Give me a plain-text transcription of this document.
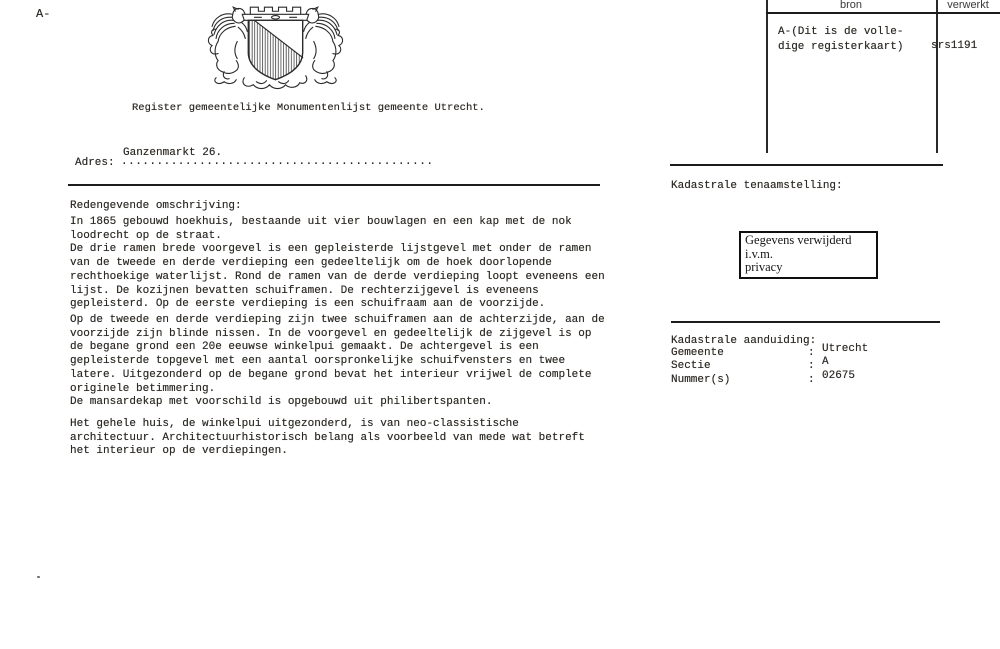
A-
Register gemeentelijke Monumentenlijst gemeente Utrecht.
Ganzenmarkt 26.
Adres: ............................................
Redengevende omschrijving:
In 1865 gebouwd hoekhuis, bestaande uit vier bouwlagen en een kap met de nok
loodrecht op de straat.
De drie ramen brede voorgevel is een gepleisterde lijstgevel met onder de ramen
van de tweede en derde verdieping een gedeeltelijk om de hoek doorlopende
rechthoekige waterlijst. Rond de ramen van de derde verdieping loopt eveneens een
lijst. De kozijnen bevatten schuiframen. De rechterzijgevel is eveneens
gepleisterd. Op de eerste verdieping is een schuifraam aan de voorzijde.
Op de tweede en derde verdieping zijn twee schuiframen aan de achterzijde, aan de
voorzijde zijn blinde nissen. In de voorgevel en gedeeltelijk de zijgevel is op
de begane grond een 20e eeuwse winkelpui gemaakt. De achtergevel is een
gepleisterde topgevel met een aantal oorspronkelijke schuifvensters en twee
latere. Uitgezonderd op de begane grond bevat het interieur vrijwel de complete
originele betimmering.
De mansardekap met voorschild is opgebouwd uit philibertspanten.
Het gehele huis, de winkelpui uitgezonderd, is van neo-classistische
architectuur. Architectuurhistorisch belang als voorbeeld van mede wat betreft
het interieur op de verdiepingen.
bron	verwerkt
A-(Dit is de volle-
dige registerkaart)	srs1191
Kadastrale tenaamstelling:
Gegevens verwijderd i.v.m.
privacy
Kadastrale aanduiding:
Gemeente	: Utrecht
Sectie	: A
Nummer(s)	: 02675
